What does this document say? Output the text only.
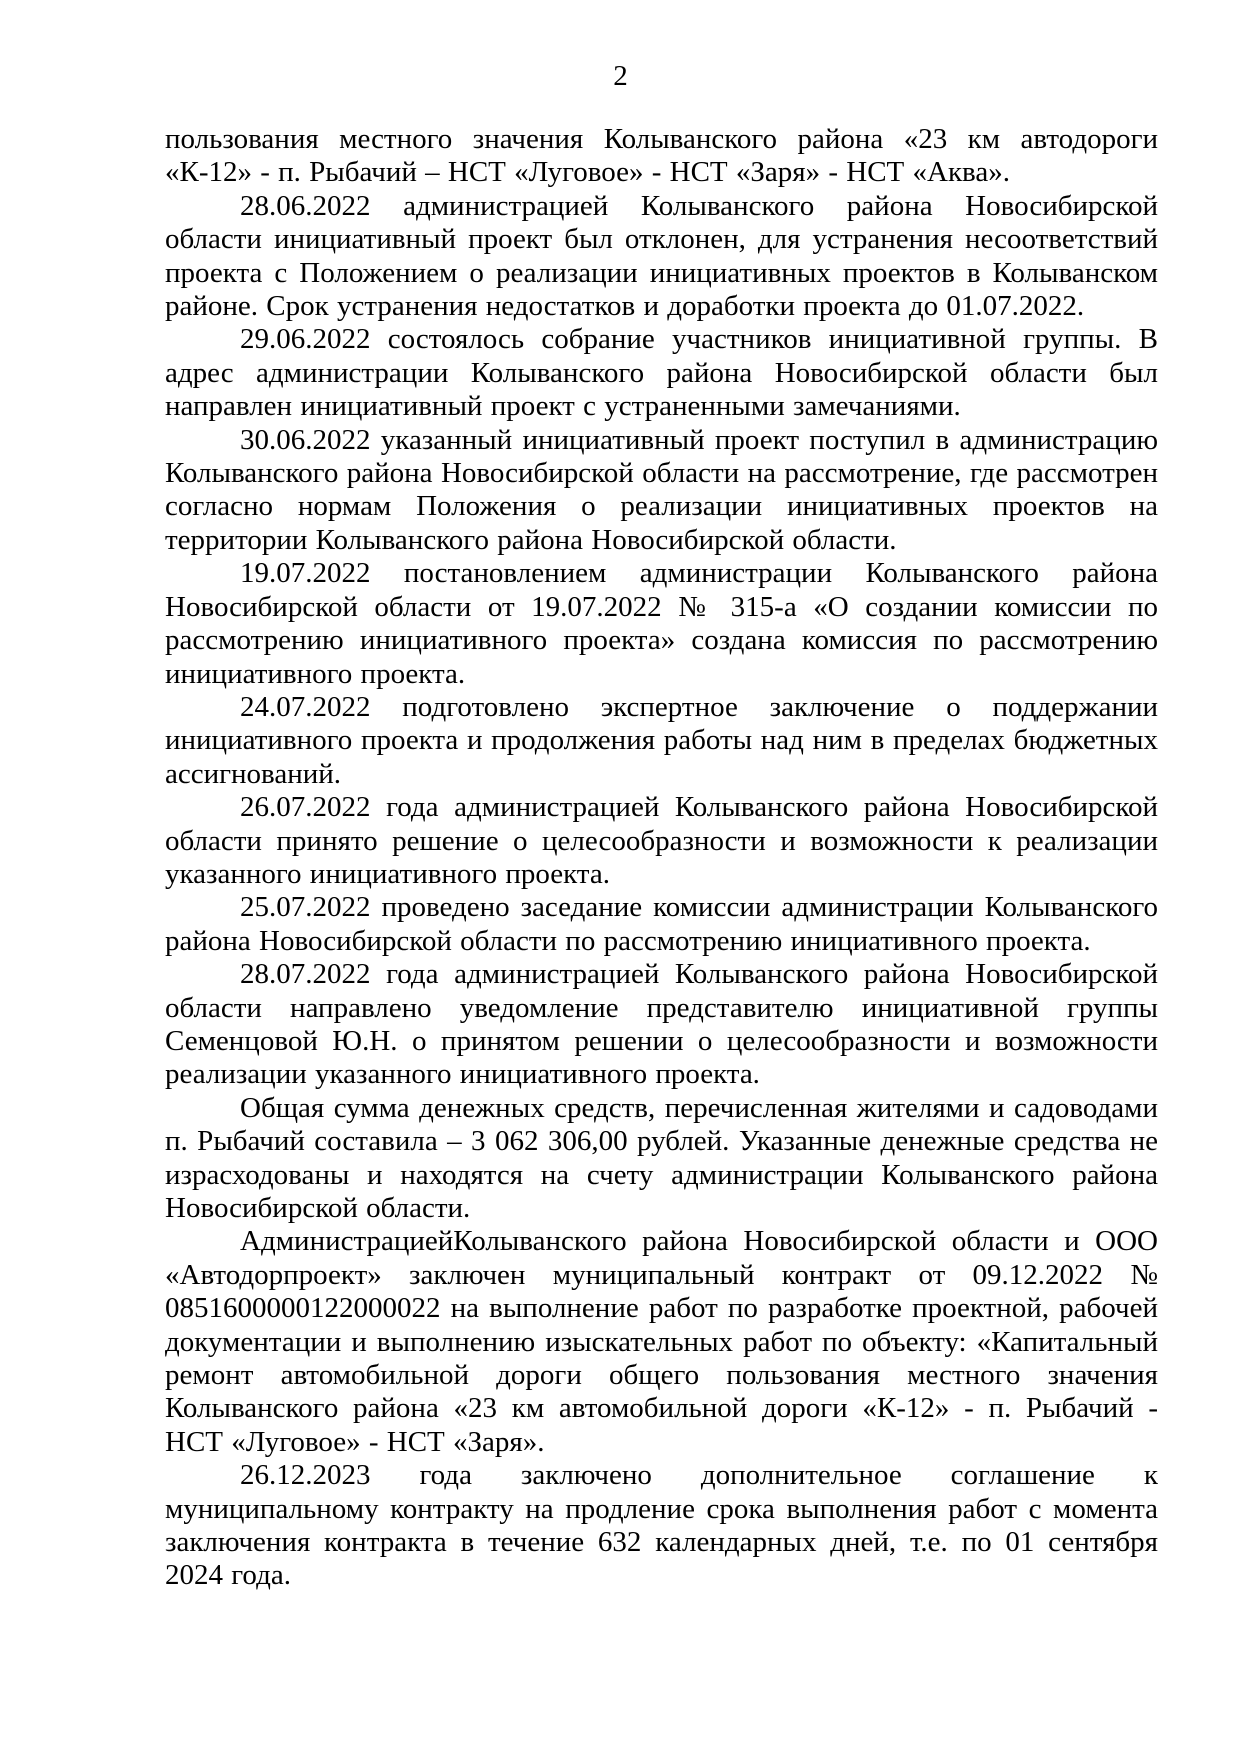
2

пользования местного значения Колыванского района «23 км автодороги «К-12» - п. Рыбачий – НСТ «Луговое» - НСТ «Заря» - НСТ «Аква».

28.06.2022 администрацией Колыванского района Новосибирской области инициативный проект был отклонен, для устранения несоответствий проекта с Положением о реализации инициативных проектов в Колыванском районе. Срок устранения недостатков и доработки проекта до 01.07.2022.

29.06.2022 состоялось собрание участников инициативной группы. В адрес администрации Колыванского района Новосибирской области был направлен инициативный проект с устраненными замечаниями.

30.06.2022 указанный инициативный проект поступил в администрацию Колыванского района Новосибирской области на рассмотрение, где рассмотрен согласно нормам Положения о реализации инициативных проектов на территории Колыванского района Новосибирской области.

19.07.2022 постановлением администрации Колыванского района Новосибирской области от 19.07.2022 № 315-а «О создании комиссии по рассмотрению инициативного проекта» создана комиссия по рассмотрению инициативного проекта.

24.07.2022 подготовлено экспертное заключение о поддержании инициативного проекта и продолжения работы над ним в пределах бюджетных ассигнований.

26.07.2022 года администрацией Колыванского района Новосибирской области принято решение о целесообразности и возможности к реализации указанного инициативного проекта.

25.07.2022 проведено заседание комиссии администрации Колыванского района Новосибирской области по рассмотрению инициативного проекта.

28.07.2022 года администрацией Колыванского района Новосибирской области направлено уведомление представителю инициативной группы Семенцовой Ю.Н. о принятом решении о целесообразности и возможности реализации указанного инициативного проекта.

Общая сумма денежных средств, перечисленная жителями и садоводами п. Рыбачий составила – 3 062 306,00 рублей. Указанные денежные средства не израсходованы и находятся на счету администрации Колыванского района Новосибирской области.

АдминистрациейКолыванского района Новосибирской области и ООО «Автодорпроект» заключен муниципальный контракт от 09.12.2022 № 0851600000122000022 на выполнение работ по разработке проектной, рабочей документации и выполнению изыскательных работ по объекту: «Капитальный ремонт автомобильной дороги общего пользования местного значения Колыванского района «23 км автомобильной дороги «К-12» - п. Рыбачий - НСТ «Луговое» - НСТ «Заря».

26.12.2023 года заключено дополнительное соглашение к муниципальному контракту на продление срока выполнения работ с момента заключения контракта в течение 632 календарных дней, т.е. по 01 сентября 2024 года.
